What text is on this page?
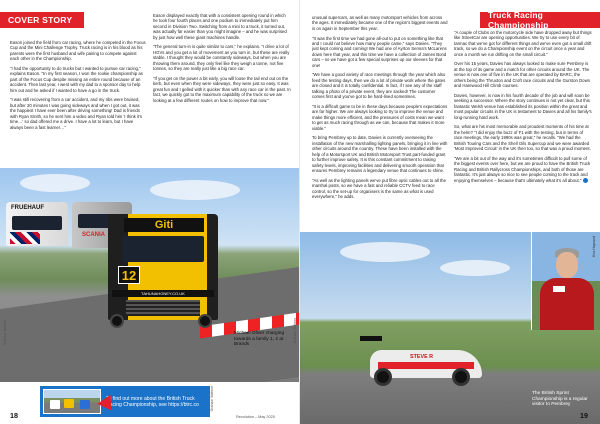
COVER STORY

Eason joined the field from car racing, where he competed in the Focus Cup and the Mini Challenge Trophy. Truck racing is in his blood as his parents were the first husband and wife pairing to compete against each other in the Championship.

"I had the opportunity to do trucks but I wanted to pursue car racing," explains Eason. "In my first season, I won the rookie championship as part of the Focus Cup despite missing an entire round because of an accident. Then last year, I went with my dad to a sponsor day to help him out and he asked if I wanted to have a go in the truck.

"I was still recovering from a car accident, and my ribs were bruised, but after 20 minutes I was going sideways and when I got out, it was the happiest I have ever been after driving something! Dad is friends with Ryan Smith, so he sent him a video and Ryan told him 'I think it's time…' so dad offered me a drive. I have a lot to learn, but I have always been a fast learner…"

Eason displayed exactly that with a consistent opening round in which he took four fourth places and one podium to immediately put him second in Division Two. Switching from a mini to a truck, it turned out, was actually far easier than you might imagine – and he was surprised by just how well these giant machines handle.

"The general turn-in is quite similar to cars," he explains. "I drive a lot of HGVs and you get a lot of movement as you turn in, but these are really stable. I thought they would be constantly sideways, but when you are throwing them around, they only feel like they weigh a tonne, not five tonnes, so they are really just like a big race car.

"If you get on the power a bit early, you will loose the tail end out on the kerb, but even when they were sideways, they were just so easy. It was great fun and I gelled with it quicker than with any race car in the past. In fact, we quickly got to the maximum capability of the truck so we are looking at a few different routes on how to improve that now."

FRUEHAUF
SCANIA
Giti
12
TAHUNAHONEY.CO.UK
Graham Watson
Michael Oliver charging towards a family 1, 2 at Brands
Graham Watson
To find out more about the British Truck Racing Championship, see https://btrc.co	Graham Watson
18	Revolution – May 2025
Truck Racing Championship

unusual supercars, as well as many motorsport vehicles from across the ages. It immediately became one of the region's biggest events and is on again in September this year.

"It was the first time we had gone all-out to put on something like that and I could not believe how many people came," says Davies. "They just kept coming and coming! We had one of Ayrton Senna's McLarens down here that year, and this time we have a collection of James Bond cars – so we have got a few special surprises up our sleeves for that one!

"We have a good variety of race meetings through the year which also feed the testing days, then we do a lot of private work where the gates are closed and it is totally confidential. In fact, if I see any of the staff talking a photo of a private event, they are sacked! The customer comes first and you've got to be hard-lined sometimes.

"It is a difficult game to be in these days because people's expectations are far higher. We are always looking to try to improve the venue and make things more efficient, and the pressures of costs mean we want to get as much racing through as we can, because that makes it more viable."

To bring Pembrey up to date, Davies is currently overseeing the installation of the new marshalling lighting panels, bringing it in line with other circuits around the country. These have been installed with the help of a Motorsport UK and British Motorsport Trust part-funded grant to further improve safety. It is this constant commitment to raising safety levels, improving facilities and delivering smooth operation that ensures Pembrey remains a legendary venue that continues to shine.

"As well as the lighting panels we've put fibre optic cables out to all the marshal posts, so we have a fast and reliable CCTV feed to race control, so the set-up for organisers is the same as what is used everywhere," he adds.

"A couple of Clubs on the motorcycle side have dropped away but things like StreetCar are opening opportunities. We try to use every bit of tarmac that we've got for different things and we've even got a small drift track, so we do a Championship event on the circuit once a year and once a month we run drifting on the small circuit."

Over his 15 years, Davies has always looked to make sure Pembrey is at the top of its game and a match for other circuits around the UK. The venue is now one of five in the UK that are operated by BARC, the others being the Thruxton and Croft race circuits and the Gurston Down and Harewood Hill Climb courses.

Davies, however, is now in his fourth decade of the job and will soon be seeking a successor. Where the story continues is not yet clear, but this fantastic Welsh venue has established its position within the great and most popular circuits in the UK is testament to Davies and all his family's long-running hard work.

So, what are his most memorable and proudest moments of his time at the helm? "I did enjoy the buzz of F1 with the testing, but in terms of race meetings, the early 1990s was great," he recalls. "We had the British Touring Cars and the Shell Oils Supercup and we were awarded 'Most Improved Circuit' in the UK then too, so that was a proud moment.

"We are a bit out of the way and it's sometimes difficult to pull some of the biggest events over here, but we are proud to have the British Truck Racing and British Rallycross Championships, and both of those are fantastic. It's just always so nice to see people coming to the track and enjoying themselves – because that's ultimately what it's all about."

STEVE R
Kira Hayward
The British Sprint Championship is a regular visitor to Pembrey
19
